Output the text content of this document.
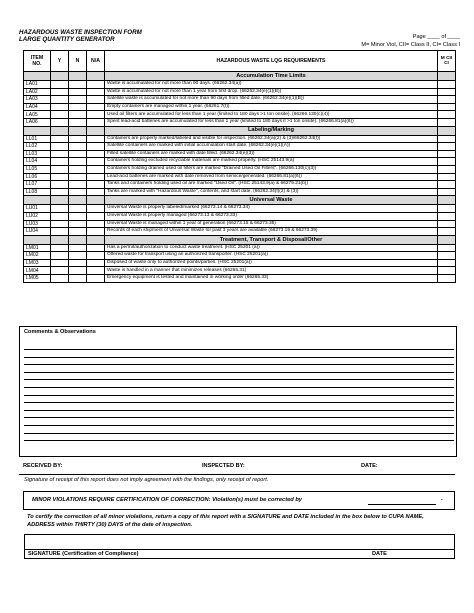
HAZARDOUS WASTE INSPECTION FORM
LARGE QUANTITY GENERATOR	Page ____ of ____
M= Minor Viol, CII= Class II, CI= Class I
ITEM NO.	Y	N	N/A	HAZARDOUS WASTE LQG REQUIREMENTS	M CII CI
				Accumulation Time Limits	
LA01				Waste is accumulated for not more than 90 days. (66262.34(a))	
LA02				Waste is accumulated for not more than 1 year from first drop. (66262.34(e)(1)(B))	
LA03				Satellite waste is accumulated for not more than 90 days from filled date. (66262.34(e)(1)(B))	
LA04				Empty containers are managed within 1 year. (66261.7(f))	
LA05				Used oil filters are accumulated for less than 1 year (limited to 180 days >1 ton onsite). (66266.130(c)(4))	
LA06				Spent lead-acid batteries are accumulated for less than 1 year (limited to 180 days if >1 ton onsite). (66266.81(a)(6))	
				Labeling/Marking	
LL01				Containers are properly marked/labeled and visible for inspection. (66262.34(a)(2) & (3)/66262.34(f))	
LL02				Satellite containers are marked with initial accumulation start date. (66262.34(e)(1)(A))	
LL03				Filled satellite containers are marked with date filled. (66262.34(e)(3))	
LL04				Containers holding excluded recyclable materials are marked properly. (HSC 25143.9(a)	
LL05				Containers holding drained used oil filters are marked "Drained Used Oil Filters". (66266.130(c)(3))	
LL06				Lead-acid batteries are marked with date removed from service/generated. (66266.81(a)(6))	
LL07				Tanks and containers holding used oil are marked "Used Oil". (HSC 25143.9(a) & 66279.21(b))	
LL08				Tanks are marked with "Hazardous Waste", contents, and start date. (66262.34(f)(2) & (3))	
				Universal Waste	
LU01				Universal Waste is properly labeled/marked (66273.14 & 66273.34)	
LU02				Universal Waste is properly managed (66273.13 & 66273.33)	
LU03				Universal Waste is managed within 1 year of generation (66273.15 & 66273.35)	
LU04				Records of each shipment of Universal Waste for past 3 years are available (66273.19 & 66273.39)	
				Treatment, Transport & Disposal/Other	
LM01				Has a permit/authorization to conduct waste treatment. (HSC 25201 (a))	
LM02				Offered waste for transport using an authorized transporter. (HSC 25201(a))	
LM03				Disposed of waste only to authorized points/parties. (HSC 25201(a))	
LM04				Waste is handled in a manner that minimizes releases (66265.31)	
LM05				Emergency equipment is tested and maintained in working order (66265.33)	
Comments & Observations
RECEIVED BY:	INSPECTED BY:	DATE:
Signature of receipt of this report does not imply agreement with the findings, only receipt of report.
MINOR VIOLATIONS REQUIRE CERTIFICATION OF CORRECTION: Violation(s) must be corrected by	.
To certify the correction of all minor violations, return a copy of this report with a SIGNATURE and DATE included in the box below to CUPA NAME, ADDRESS within THIRTY (30) DAYS of the date of inspection.
SIGNATURE (Certification of Compliance)	DATE
